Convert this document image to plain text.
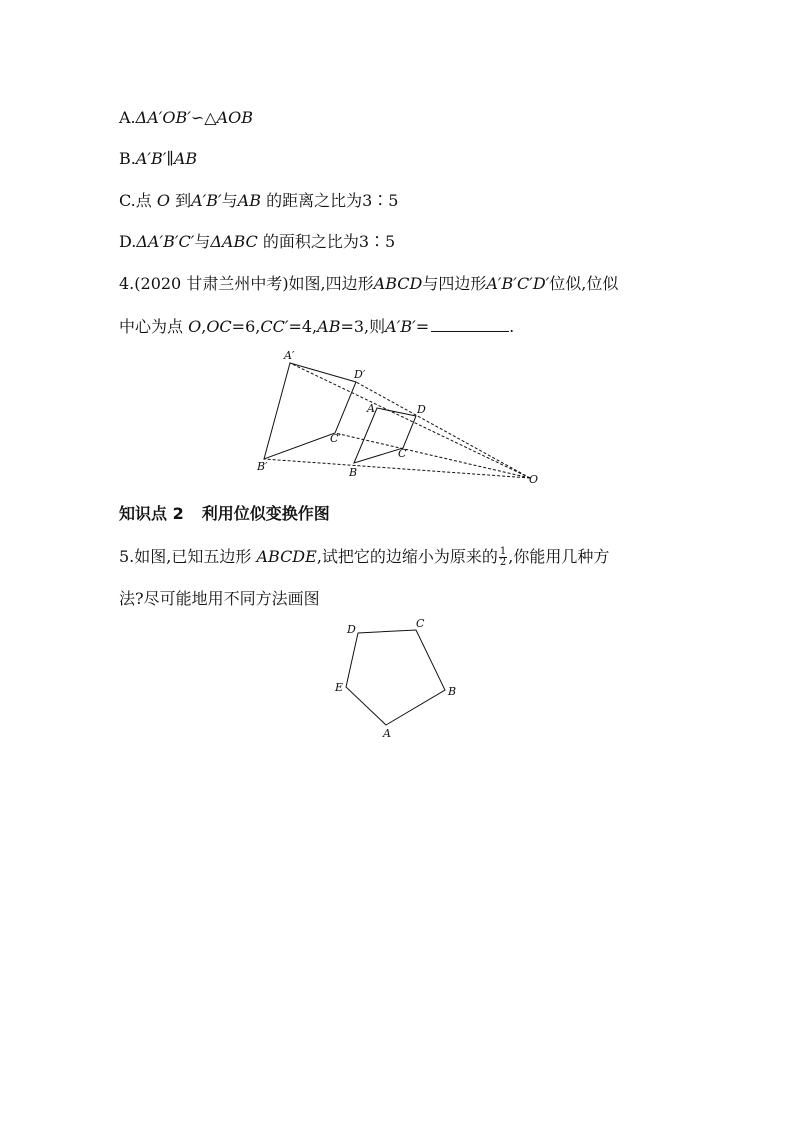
A.ΔA′OB′∽△AOB
B.A′B′∥AB
C.点 O 到A′B′与AB 的距离之比为3∶5
D.ΔA′B′C′与ΔABC 的面积之比为3∶5
4.(2020 甘肃兰州中考)如图,四边形ABCD与四边形A′B′C′D′位似,位似
中心为点 O,OC=6,CC′=4,AB=3,则A′B′=	.
A′
D′
A	D
C′
C
B′	B
O
知识点 2 利用位似变换作图
5.如图,已知五边形 ABCDE,试把它的边缩小为原来的 $\frac{1}{2}$ ,你能用几种方
法?尽可能地用不同方法画图
A
B
C
D
E
